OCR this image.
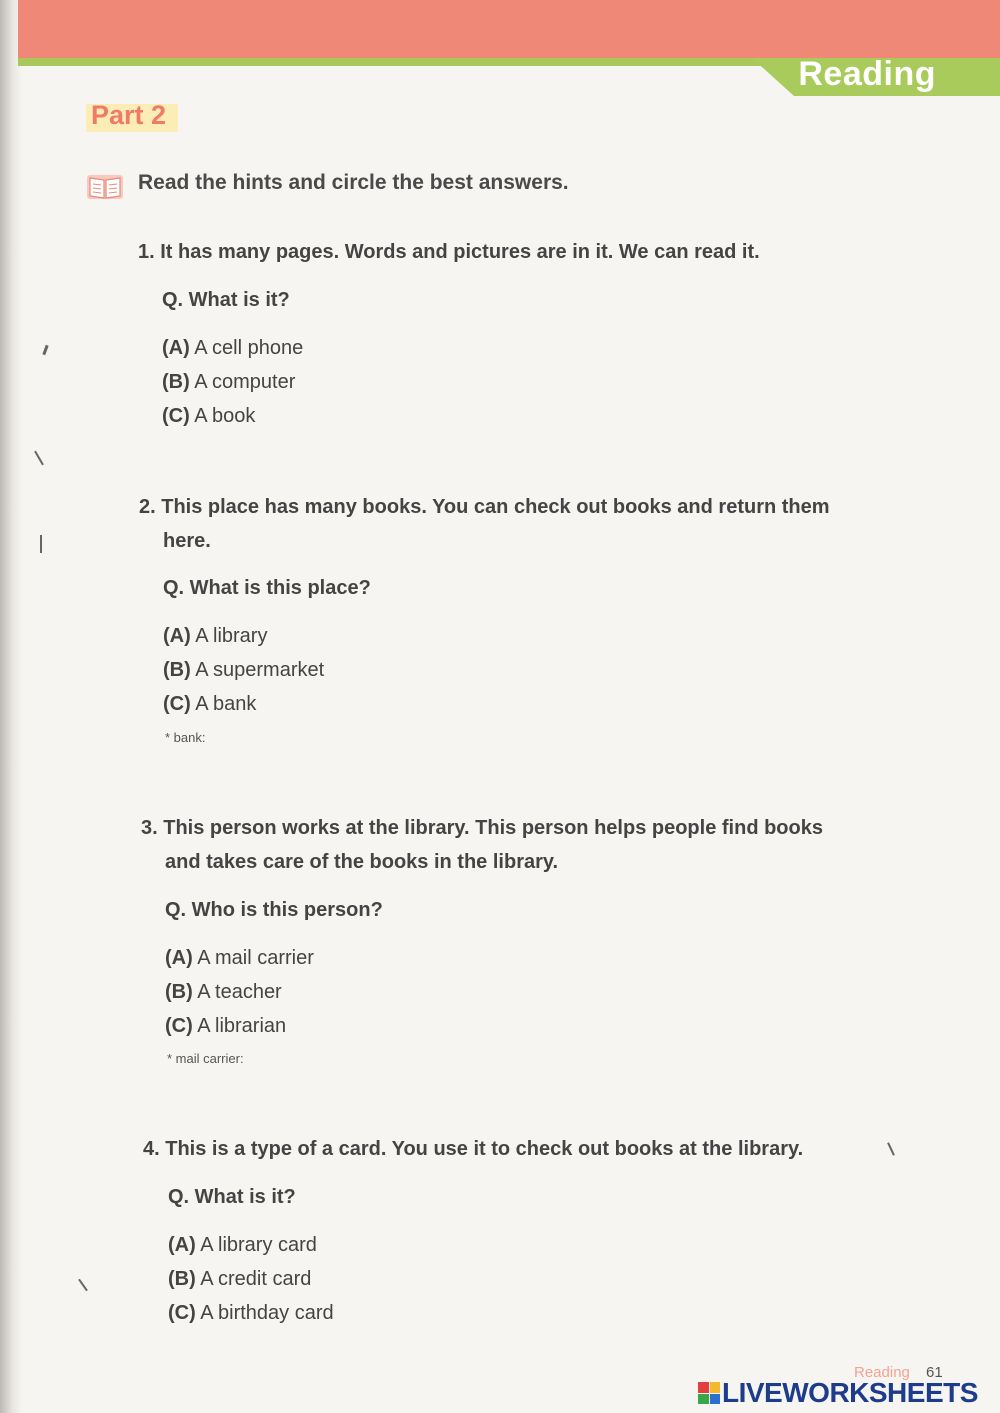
Reading
Part 2
Read the hints and circle the best answers.
1. It has many pages. Words and pictures are in it. We can read it.
Q. What is it?
(A) A cell phone
(B) A computer
(C) A book
2. This place has many books. You can check out books and return them
here.
Q. What is this place?
(A) A library
(B) A supermarket
(C) A bank
* bank:
3. This person works at the library. This person helps people find books
and takes care of the books in the library.
Q. Who is this person?
(A) A mail carrier
(B) A teacher
(C) A librarian
* mail carrier:
4. This is a type of a card. You use it to check out books at the library.
Q. What is it?
(A) A library card
(B) A credit card
(C) A birthday card
Reading 61
LIVEWORKSHEETS
